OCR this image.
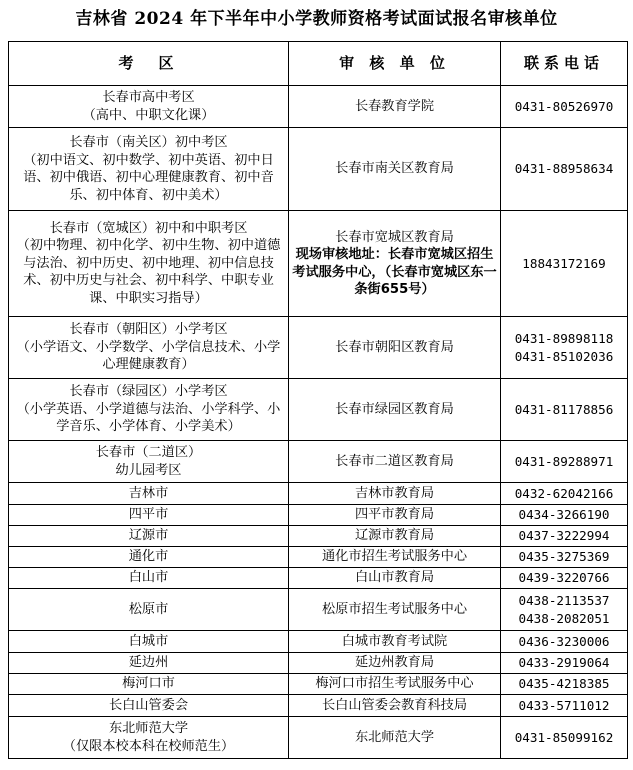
吉林省 2024 年下半年中小学教师资格考试面试报名审核单位
考　区	审 核 单 位	联系电话

长春市高中考区
（高中、中职文化课）	长春教育学院	0431-80526970

长春市（南关区）初中考区
（初中语文、初中数学、初中英语、初中日语、初中俄语、初中心理健康教育、初中音乐、初中体育、初中美术）	长春市南关区教育局	0431-88958634

长春市（宽城区）初中和中职考区
（初中物理、初中化学、初中生物、初中道德与法治、初中历史、初中地理、初中信息技术、初中历史与社会、初中科学、中职专业课、中职实习指导）	长春市宽城区教育局
现场审核地址：长春市宽城区招生考试服务中心，（长春市宽城区东一条街655号）	18843172169

长春市（朝阳区）小学考区
（小学语文、小学数学、小学信息技术、小学心理健康教育）	长春市朝阳区教育局	0431-89898118
0431-85102036

长春市（绿园区）小学考区
（小学英语、小学道德与法治、小学科学、小学音乐、小学体育、小学美术）	长春市绿园区教育局	0431-81178856

长春市（二道区）
幼儿园考区	长春市二道区教育局	0431-89288971

吉林市	吉林市教育局	0432-62042166
四平市	四平市教育局	0434-3266190
辽源市	辽源市教育局	0437-3222994
通化市	通化市招生考试服务中心	0435-3275369
白山市	白山市教育局	0439-3220766
松原市	松原市招生考试服务中心	0438-2113537
0438-2082051

白城市	白城市教育考试院	0436-3230006
延边州	延边州教育局	0433-2919064
梅河口市	梅河口市招生考试服务中心	0435-4218385
长白山管委会	长白山管委会教育科技局	0433-5711012

东北师范大学
（仅限本校本科在校师范生）	东北师范大学	0431-85099162
